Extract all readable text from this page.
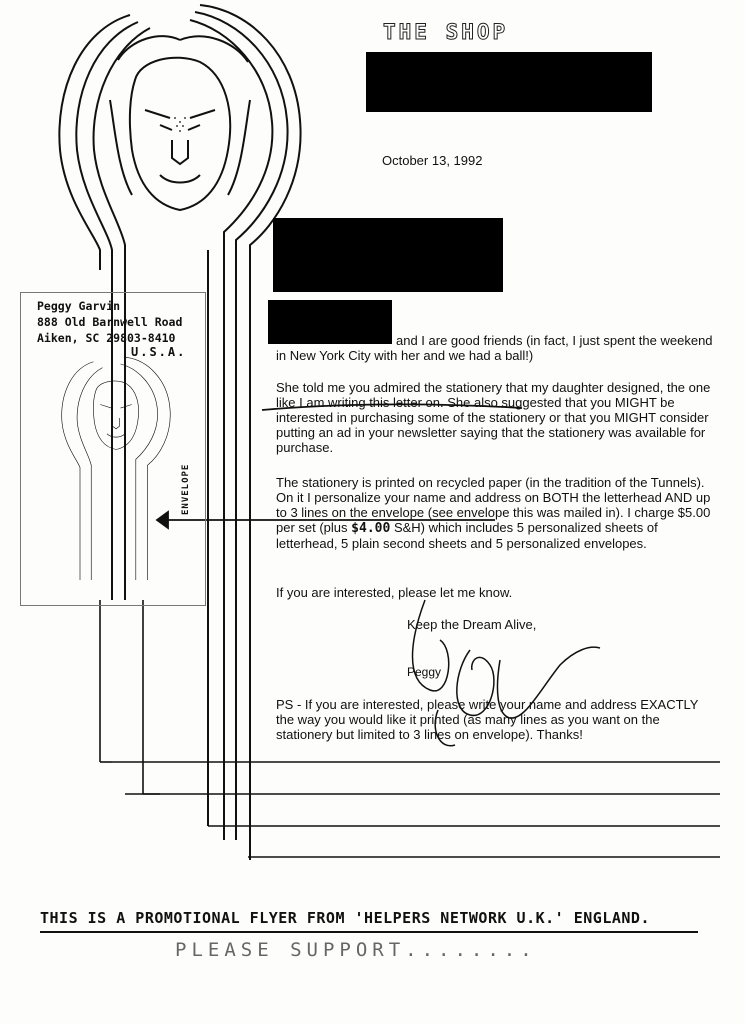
THE SHOP
October 13, 1992
and I are good friends (in fact, I just spent the weekend in New York City with her and we had a ball!)
She told me you admired the stationery that my daughter designed, the one like I am writing this letter on. She also suggested that you MIGHT be interested in purchasing some of the stationery or that you MIGHT consider putting an ad in your newsletter saying that the stationery was available for purchase.
The stationery is printed on recycled paper (in the tradition of the Tunnels). On it I personalize your name and address on BOTH the letterhead AND up to 3 lines on the envelope (see envelope this was mailed in). I charge $5.00 per set (plus $4.00 S&H) which includes 5 personalized sheets of letterhead, 5 plain second sheets and 5 personalized envelopes.
If you are interested, please let me know.
Keep the Dream Alive,
Peggy
PS - If you are interested, please write your name and address EXACTLY the way you would like it printed (as many lines as you want on the stationery but limited to 3 lines on envelope). Thanks!
Peggy Garvin
888 Old Barnwell Road
Aiken, SC 29803-8410
U.S.A.
ENVELOPE
THIS IS A PROMOTIONAL FLYER FROM 'HELPERS NETWORK U.K.' ENGLAND.
PLEASE SUPPORT........
